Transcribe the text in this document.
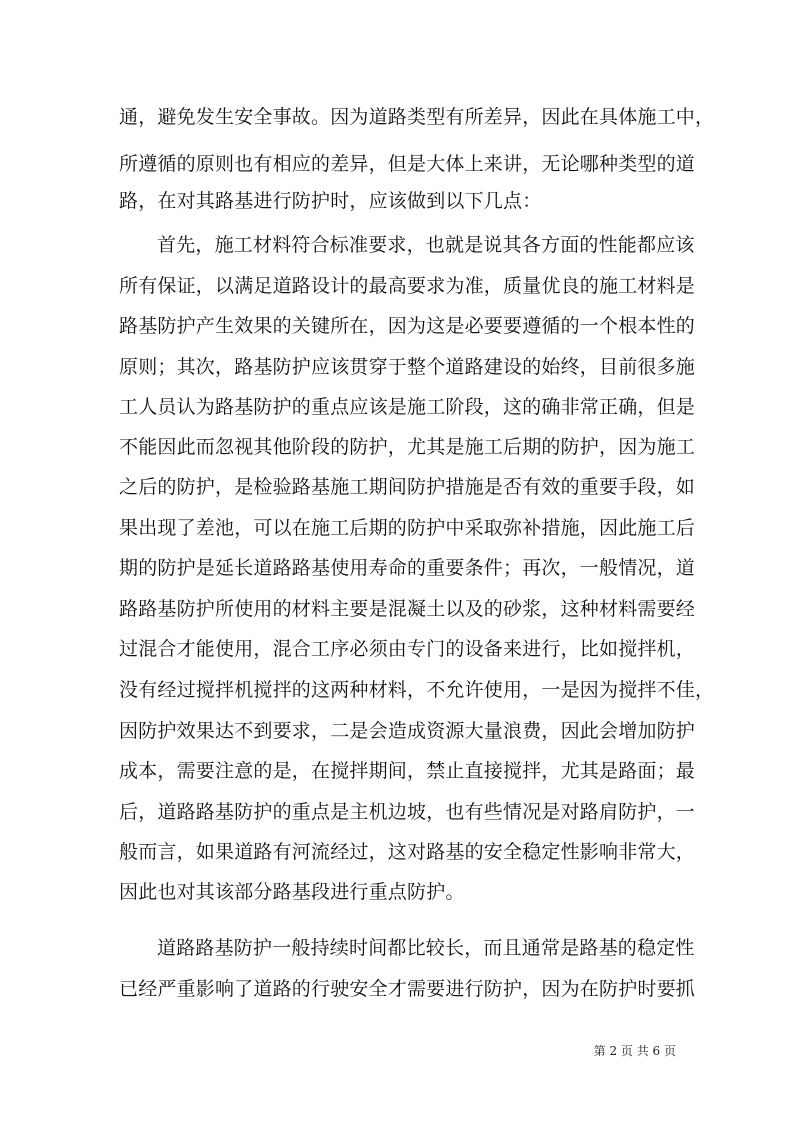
通，避免发生安全事故。因为道路类型有所差异，因此在具体施工中，
所遵循的原则也有相应的差异，但是大体上来讲，无论哪种类型的道
路，在对其路基进行防护时，应该做到以下几点：
首先，施工材料符合标准要求，也就是说其各方面的性能都应该
所有保证，以满足道路设计的最高要求为准，质量优良的施工材料是
路基防护产生效果的关键所在，因为这是必要要遵循的一个根本性的
原则；其次，路基防护应该贯穿于整个道路建设的始终，目前很多施
工人员认为路基防护的重点应该是施工阶段，这的确非常正确，但是
不能因此而忽视其他阶段的防护，尤其是施工后期的防护，因为施工
之后的防护，是检验路基施工期间防护措施是否有效的重要手段，如
果出现了差池，可以在施工后期的防护中采取弥补措施，因此施工后
期的防护是延长道路路基使用寿命的重要条件；再次，一般情况，道
路路基防护所使用的材料主要是混凝土以及的砂浆，这种材料需要经
过混合才能使用，混合工序必须由专门的设备来进行，比如搅拌机，
没有经过搅拌机搅拌的这两种材料，不允许使用，一是因为搅拌不佳，
因防护效果达不到要求，二是会造成资源大量浪费，因此会增加防护
成本，需要注意的是，在搅拌期间，禁止直接搅拌，尤其是路面；最
后，道路路基防护的重点是主机边坡，也有些情况是对路肩防护，一
般而言，如果道路有河流经过，这对路基的安全稳定性影响非常大，
因此也对其该部分路基段进行重点防护。
道路路基防护一般持续时间都比较长，而且通常是路基的稳定性
已经严重影响了道路的行驶安全才需要进行防护，因为在防护时要抓
第 2 页 共 6 页
